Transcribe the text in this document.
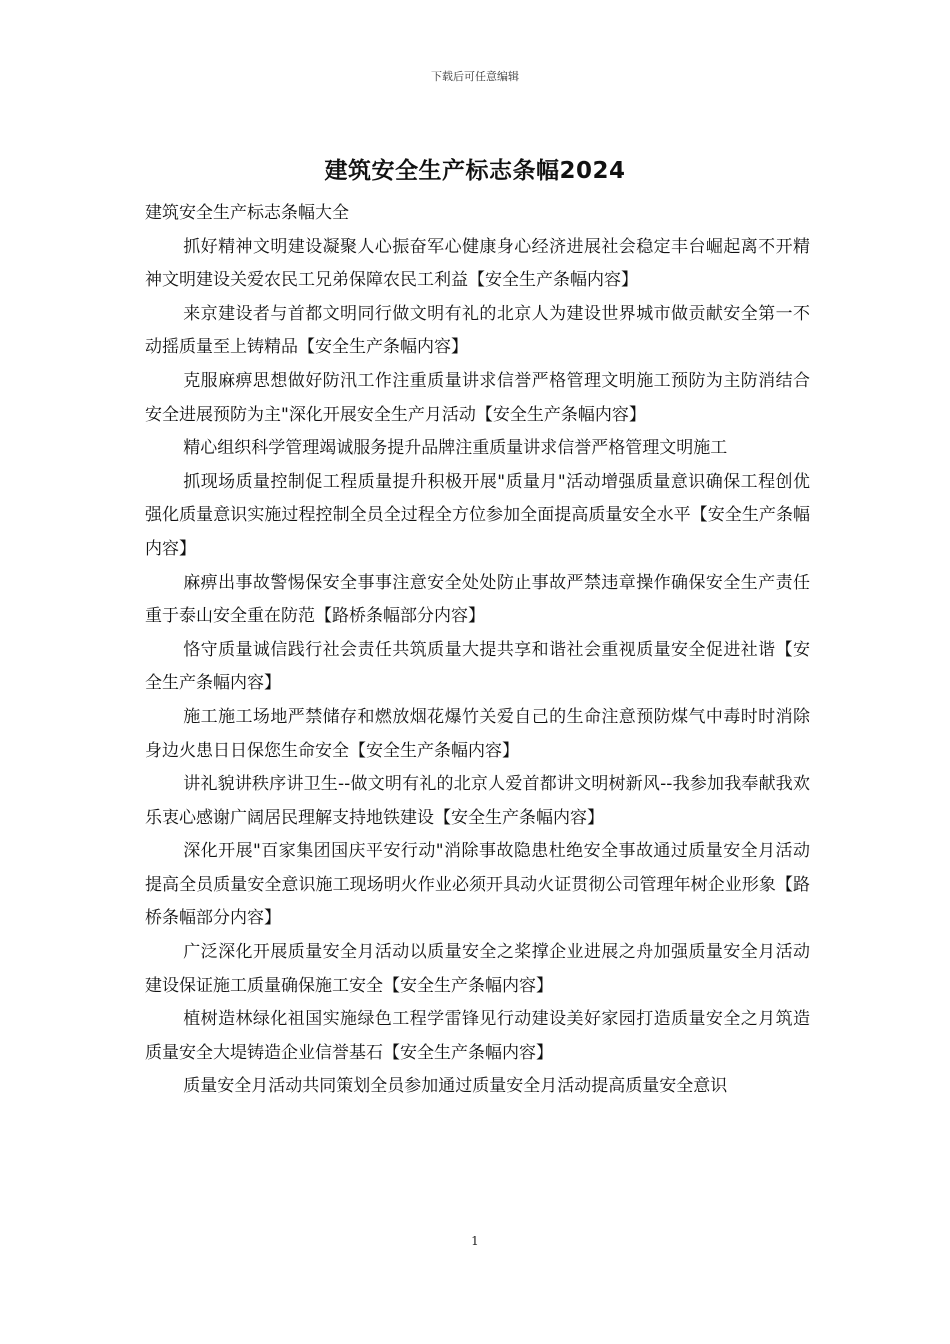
下载后可任意编辑
建筑安全生产标志条幅2024

建筑安全生产标志条幅大全

抓好精神文明建设凝聚人心振奋军心健康身心经济进展社会稳定丰台崛起离不开精神文明建设关爱农民工兄弟保障农民工利益【安全生产条幅内容】

来京建设者与首都文明同行做文明有礼的北京人为建设世界城市做贡献安全第一不动摇质量至上铸精品【安全生产条幅内容】

克服麻痹思想做好防汛工作注重质量讲求信誉严格管理文明施工预防为主防消结合安全进展预防为主"深化开展安全生产月活动【安全生产条幅内容】

精心组织科学管理竭诚服务提升品牌注重质量讲求信誉严格管理文明施工

抓现场质量控制促工程质量提升积极开展"质量月"活动增强质量意识确保工程创优强化质量意识实施过程控制全员全过程全方位参加全面提高质量安全水平【安全生产条幅内容】

麻痹出事故警惕保安全事事注意安全处处防止事故严禁违章操作确保安全生产责任重于泰山安全重在防范【路桥条幅部分内容】

恪守质量诚信践行社会责任共筑质量大提共享和谐社会重视质量安全促进社谐【安全生产条幅内容】

施工施工场地严禁储存和燃放烟花爆竹关爱自己的生命注意预防煤气中毒时时消除身边火患日日保您生命安全【安全生产条幅内容】

讲礼貌讲秩序讲卫生--做文明有礼的北京人爱首都讲文明树新风--我参加我奉献我欢乐衷心感谢广阔居民理解支持地铁建设【安全生产条幅内容】

深化开展"百家集团国庆平安行动"消除事故隐患杜绝安全事故通过质量安全月活动提高全员质量安全意识施工现场明火作业必须开具动火证贯彻公司管理年树企业形象【路桥条幅部分内容】

广泛深化开展质量安全月活动以质量安全之桨撑企业进展之舟加强质量安全月活动建设保证施工质量确保施工安全【安全生产条幅内容】

植树造林绿化祖国实施绿色工程学雷锋见行动建设美好家园打造质量安全之月筑造质量安全大堤铸造企业信誉基石【安全生产条幅内容】

质量安全月活动共同策划全员参加通过质量安全月活动提高质量安全意识

1
